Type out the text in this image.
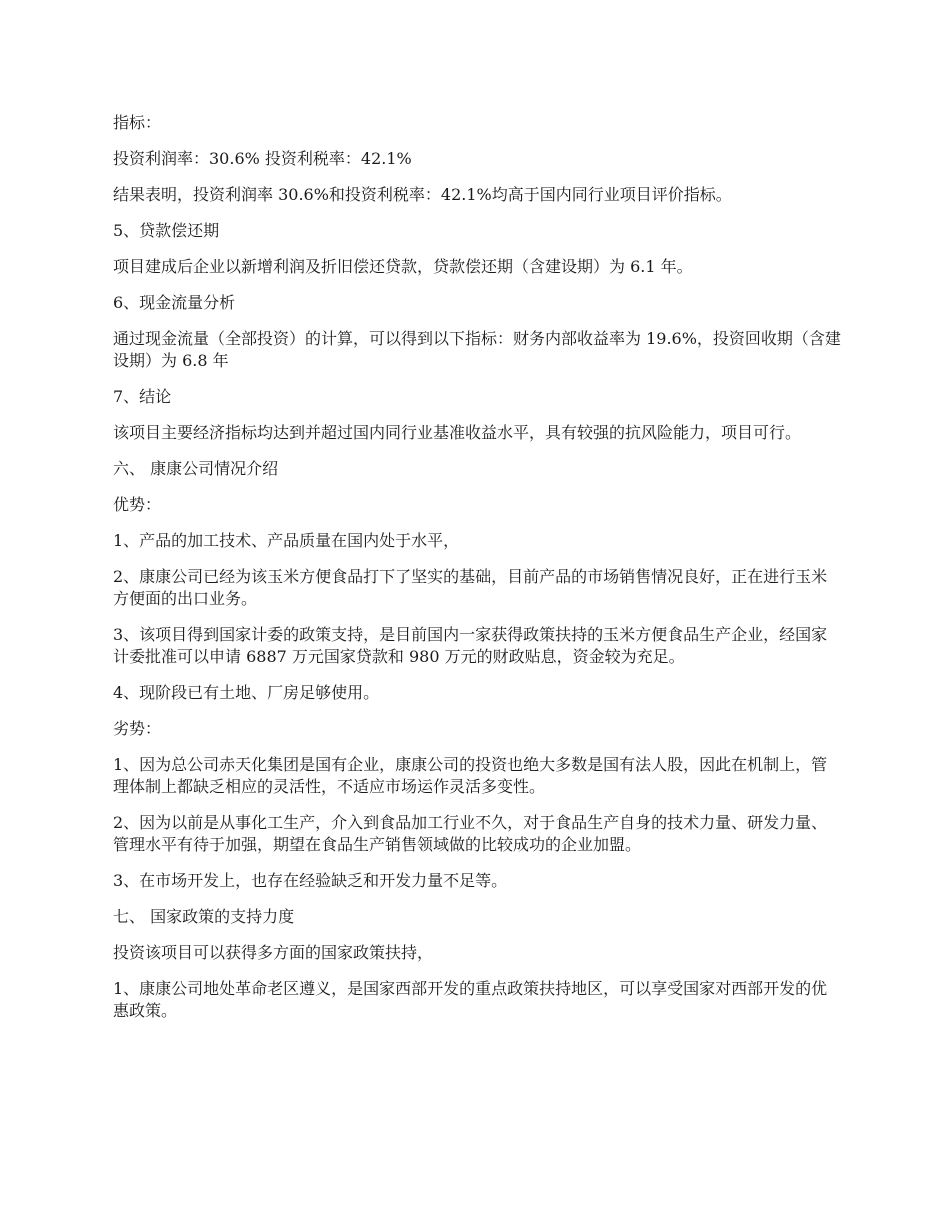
指标：

投资利润率：30.6% 投资利税率：42.1%

结果表明，投资利润率 30.6%和投资利税率：42.1%均高于国内同行业项目评价指标。

5、贷款偿还期

项目建成后企业以新增利润及折旧偿还贷款，贷款偿还期（含建设期）为 6.1 年。

6、现金流量分析

通过现金流量（全部投资）的计算，可以得到以下指标：财务内部收益率为 19.6%，投资回收期（含建设期）为 6.8 年

7、结论

该项目主要经济指标均达到并超过国内同行业基准收益水平，具有较强的抗风险能力，项目可行。

六、 康康公司情况介绍

优势：

1、产品的加工技术、产品质量在国内处于水平，

2、康康公司已经为该玉米方便食品打下了坚实的基础，目前产品的市场销售情况良好，正在进行玉米方便面的出口业务。

3、该项目得到国家计委的政策支持，是目前国内一家获得政策扶持的玉米方便食品生产企业，经国家计委批准可以申请 6887 万元国家贷款和 980 万元的财政贴息，资金较为充足。

4、现阶段已有土地、厂房足够使用。

劣势：

1、因为总公司赤天化集团是国有企业，康康公司的投资也绝大多数是国有法人股，因此在机制上，管理体制上都缺乏相应的灵活性，不适应市场运作灵活多变性。

2、因为以前是从事化工生产，介入到食品加工行业不久，对于食品生产自身的技术力量、研发力量、管理水平有待于加强，期望在食品生产销售领域做的比较成功的企业加盟。

3、在市场开发上，也存在经验缺乏和开发力量不足等。

七、 国家政策的支持力度

投资该项目可以获得多方面的国家政策扶持，

1、康康公司地处革命老区遵义，是国家西部开发的重点政策扶持地区，可以享受国家对西部开发的优惠政策。
